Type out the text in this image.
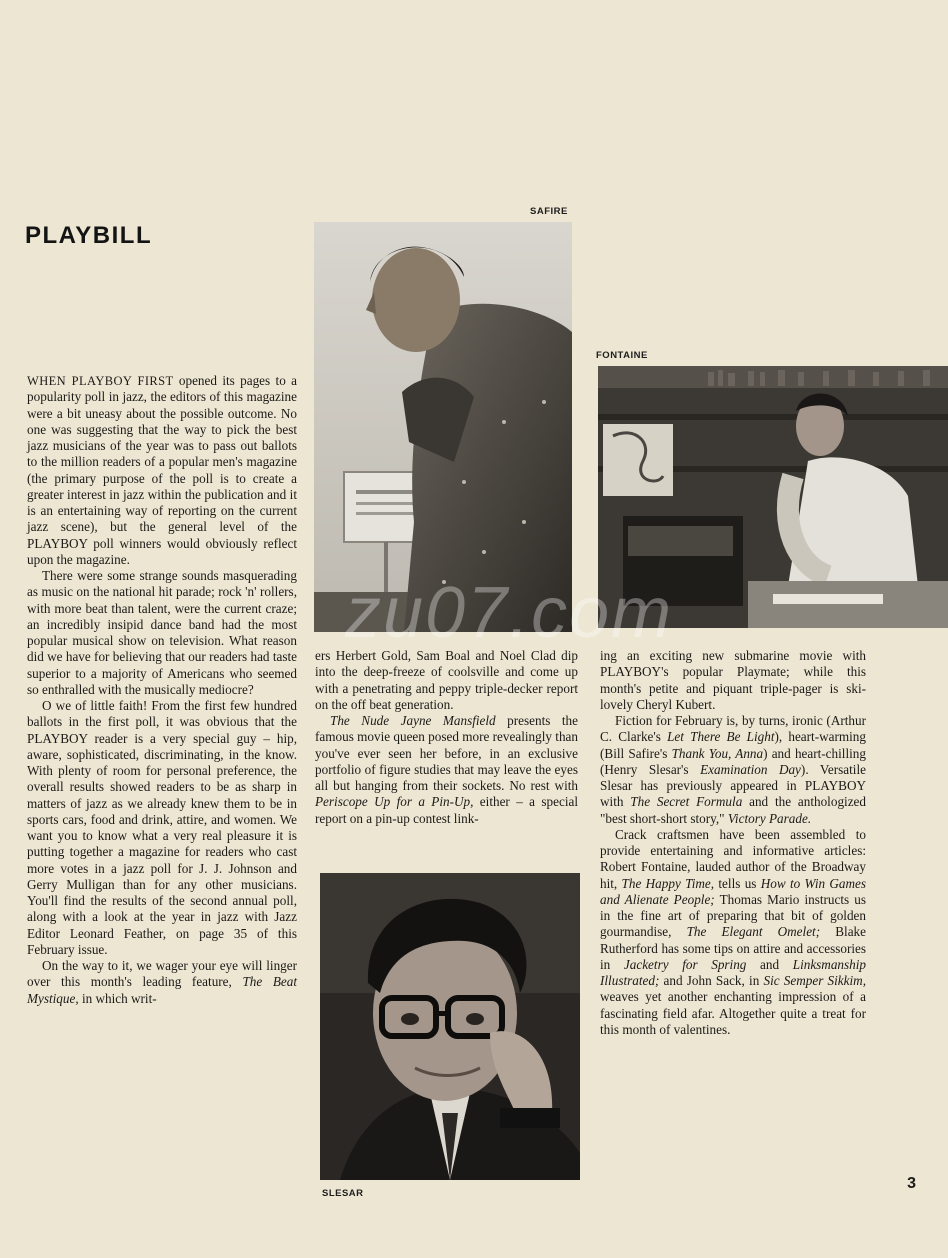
PLAYBILL

WHEN PLAYBOY FIRST opened its pages to a popularity poll in jazz, the editors of this magazine were a bit uneasy about the possible outcome. No one was suggesting that the way to pick the best jazz musicians of the year was to pass out ballots to the million readers of a popular men's magazine (the primary purpose of the poll is to create a greater interest in jazz within the publication and it is an entertaining way of reporting on the current jazz scene), but the general level of the PLAYBOY poll winners would obviously reflect upon the magazine.

There were some strange sounds masquerading as music on the national hit parade; rock 'n' rollers, with more beat than talent, were the current craze; an incredibly insipid dance band had the most popular musical show on television. What reason did we have for believing that our readers had taste superior to a majority of Americans who seemed so enthralled with the musically mediocre?

O we of little faith! From the first few hundred ballots in the first poll, it was obvious that the PLAYBOY reader is a very special guy – hip, aware, sophisticated, discriminating, in the know. With plenty of room for personal preference, the overall results showed readers to be as sharp in matters of jazz as we already knew them to be in sports cars, food and drink, attire, and women. We want you to know what a very real pleasure it is putting together a magazine for readers who cast more votes in a jazz poll for J. J. Johnson and Gerry Mulligan than for any other musicians. You'll find the results of the second annual poll, along with a look at the year in jazz with Jazz Editor Leonard Feather, on page 35 of this February issue.

On the way to it, we wager your eye will linger over this month's leading feature, The Beat Mystique, in which writ-

SAFIRE

ers Herbert Gold, Sam Boal and Noel Clad dip into the deep-freeze of coolsville and come up with a penetrating and peppy triple-decker report on the off beat generation.

The Nude Jayne Mansfield presents the famous movie queen posed more revealingly than you've ever seen her before, in an exclusive portfolio of figure studies that may leave the eyes all but hanging from their sockets. No rest with Periscope Up for a Pin-Up, either – a special report on a pin-up contest link-

SLESAR
FONTAINE

ing an exciting new submarine movie with PLAYBOY's popular Playmate; while this month's petite and piquant triple-pager is ski-lovely Cheryl Kubert.

Fiction for February is, by turns, ironic (Arthur C. Clarke's Let There Be Light), heart-warming (Bill Safire's Thank You, Anna) and heart-chilling (Henry Slesar's Examination Day). Versatile Slesar has previously appeared in PLAYBOY with The Secret Formula and the anthologized "best short-short story," Victory Parade.

Crack craftsmen have been assembled to provide entertaining and informative articles: Robert Fontaine, lauded author of the Broadway hit, The Happy Time, tells us How to Win Games and Alienate People; Thomas Mario instructs us in the fine art of preparing that bit of golden gourmandise, The Elegant Omelet; Blake Rutherford has some tips on attire and accessories in Jacketry for Spring and Linksmanship Illustrated; and John Sack, in Sic Semper Sikkim, weaves yet another enchanting impression of a fascinating field afar. Altogether quite a treat for this month of valentines.

zu07.com
3
